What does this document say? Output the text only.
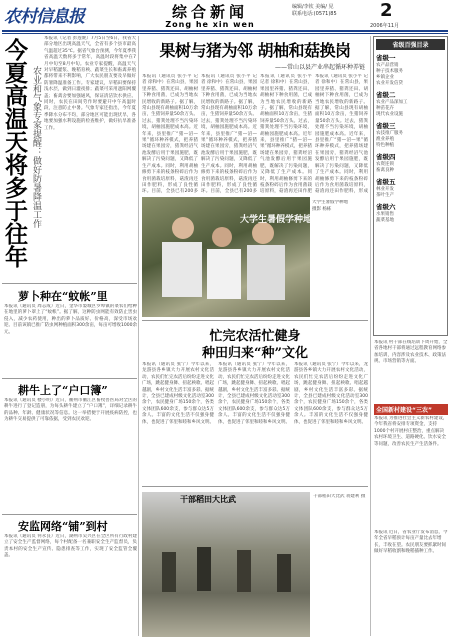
农村信息报	综合新闻
Zong he xin wen
编辑/李钦 美编/ 见
联系电话:(0571)85 2
2006年11月
今夏高温天将多于往年 农业和气象专家提醒：做好防暑降温工作
本报讯（记者 彭莲妮）7月5日至6日，我省大部分地区出现高温天气，全省有多个县市最高气温超过35℃。据省气象台预测，今年夏季我省高温天数将多于常年，高温时段将集中在7月中旬至8月中旬。农业专家提醒，高温天气对早稻灌浆、晚稻育秧、蔬菜生长和畜禽养殖都将带来不利影响，广大农民朋友要及早做好防暑降温准备工作。专家建议，早稻田要保持浅水层，做到日灌夜排；蔬菜可采用遮阳网覆盖；畜禽舍要加强通风，保证清洁饮水供应。同时，农民在田间劳作时要避开中午高温时段，注意防止中暑。气象专家还指出，今年夏季降水分布不均，部分地区可能出现伏旱，各地要加强水利设施的检查维护，做好抗旱准备工作。
萝卜种在“蚊帐”里
本报讯（通讯员 周志成）近日，金华市婺城区罗埠镇的菜农们给种在地里的萝卜罩上了“蚊帐”。据了解，这种防虫网能有效防止害虫侵入，减少农药使用，种出的萝卜品质好、价格高，深受市场欢迎。目前该镇已推广防虫网种植面积300余亩，每亩可增收1000余元。
耕牛上了“户口簿”
本报讯（通讯员 楼小明）近日，衢州市衢江区畜牧兽医局对全区的耕牛进行了登记造册，为每头耕牛建立了“户口簿”，详细记录耕牛的品种、年龄、健康状况等信息。这一举措便于开展疫病防控，也为耕牛交易提供了可靠依据，受到农民欢迎。
安监网络“铺”到村
本报讯（通讯员 何永良）近日，湖州市吴兴区在全区所有行政村建立了安全生产监督网络，每个村配备一名兼职安全生产监督员，负责本村的安全生产宣传、隐患排查等工作，实现了安全监管全覆盖。
果树与猪为邻 胡柚和菇换岗
——常山以县产业串起循环种养链
本报讯（通讯员 张小平 记者 徐和中）在常山县，果园里养猪、猪粪还田、胡柚树下种食用菌，已成为当地农民增收的新路子。据了解，常山县现有胡柚面积10万余亩，生猪饲养量50余万头。过去，猪粪处理不当污染环境，胡柚园施肥成本高。近年来，县里推广“猪—沼—果”循环种养模式，把养猪场建在果园旁，猪粪经沼气池发酵后用于果园施肥，既解决了污染问题，又降低了生产成本。同时，利用胡柚修剪下来的枝条粉碎后作为食用菌栽培原料，菇渣再还田作肥料，形成了良性循环。目前，全县已有200多
本报讯（通讯员 张小平 记者 徐和中）在常山县，果园里养猪、猪粪还田、胡柚树下种食用菌，已成为当地农民增收的新路子。据了解，常山县现有胡柚面积10万余亩，生猪饲养量50余万头。过去，猪粪处理不当污染环境，胡柚园施肥成本高。近年来，县里推广“猪—沼—果”循环种养模式，把养猪场建在果园旁，猪粪经沼气池发酵后用于果园施肥，既解决了污染问题，又降低了生产成本。同时，利用胡柚修剪下来的枝条粉碎后作为食用菌栽培原料，菇渣再还田作肥料，形成了良性循环。目前，全县已有200多
本报讯（通讯员 张小平 记者 徐和中）在常山县，果园里养猪、猪粪还田、胡柚树下种食用菌，已成为当地农民增收的新路子。据了解，常山县现有胡柚面积10万余亩，生猪饲养量50余万头。过去，猪粪处理不当污染环境，胡柚园施肥成本高。近年来，县里推广“猪—沼—果”循环种养模式，把养猪场建在果园旁，猪粪经沼气池发酵后用于果园施肥，既解决了污染问题，又降低了生产成本。同时，利用胡柚修剪下来的枝条粉碎后作为食用菌栽培原料，菇渣再还田作肥
本报讯（通讯员 张小平 记者 徐和中）在常山县，果园里养猪、猪粪还田、胡柚树下种食用菌，已成为当地农民增收的新路子。据了解，常山县现有胡柚面积10万余亩，生猪饲养量50余万头。过去，猪粪处理不当污染环境，胡柚园施肥成本高。近年来，县里推广“猪—沼—果”循环种养模式，把养猪场建在果园旁，猪粪经沼气池发酵后用于果园施肥，既解决了污染问题，又降低了生产成本。同时，利用胡柚修剪下来的枝条粉碎后作为食用菌栽培原料，菇渣再还田作肥料，形成
大学生暑假学种地
大学生暑假学种地
摄影 杨栋
忙完农活忙健身
种田归来“种”文化
本报讯（通讯员 张宁）今年以来，龙游县各乡镇大力开展农村文化活动，农民们忙完农活后纷纷走进文化广场，跳起健身舞、扭起秧歌、唱起越剧，乡村文化生活丰富多彩。据统计，全县已建成村级文化活动室300余个，农民健身广场150余个，各类文体团队600余支，参与群众达5万余人。丰富的文化生活不仅强身健体，也促进了邻里和睦和乡风文明。
本报讯（通讯员 张宁）今年以来，龙游县各乡镇大力开展农村文化活动，农民们忙完农活后纷纷走进文化广场，跳起健身舞、扭起秧歌、唱起越剧，乡村文化生活丰富多彩。据统计，全县已建成村级文化活动室300余个，农民健身广场150余个，各类文体团队600余支，参与群众达5万余人。丰富的文化生活不仅强身健体，也促进了邻里和睦和乡风文明。
本报讯（通讯员 张宁）今年以来，龙游县各乡镇大力开展农村文化活动，农民们忙完农活后纷纷走进文化广场，跳起健身舞、扭起秧歌、唱起越剧，乡村文化生活丰富多彩。据统计，全县已建成村级文化活动室300余个，农民健身广场150余个，各类文体团队600余支，参与群众达5万余人。丰富的文化生活不仅强身健体，也促进了邻里和睦和乡风文明。
干部稻田大比武	干部稻田大比武 蒋建利 摄
省级百强目录
省级一
农产品营销
种子技术服务
乡镇企业
农业开发信贷
省级二
农业产品深加工
种苗花卉
现代农业设施
省级三
农技推广服务
渔业养殖
特色种植
省级四
农资连锁
畜禽良种
省级五
林业开发
茶叶生产
省级六
水果销售
蔬菜基地
本报讯 村干部在线培训下周开始，全省各地村干部将通过远程教育网络参加培训，内容涉及农业技术、政策法规、市场营销等方面。
全国新村建设“三农”
本报讯 为推进社会主义新农村建设，今年我省将安排专项资金，支持1000个村开展村庄整治，重点解决农村环境卫生、道路硬化、饮水安全等问题，改善农民生产生活条件。
本报讯 近日，省农业厅发布消息，今年全省早稻预计每亩产量比去年增长，丰收在望。农民朋友要抓紧时间做好早稻收割和晚稻插种工作。
